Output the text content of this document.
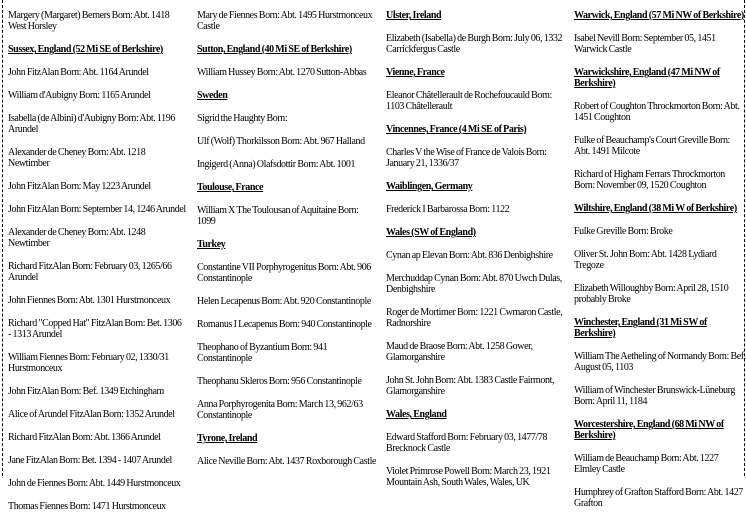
Margery (Margaret) Berners Born: Abt. 1418 West Horsley
Sussex, England (52 Mi SE of Berkshire)
John FitzAlan Born: Abt. 1164 Arundel
William d'Aubigny Born: 1165 Arundel
Isabella (de Albini) d'Aubigny Born: Abt. 1196 Arundel
Alexander de Cheney Born: Abt. 1218 Newtimber
John FitzAlan Born: May 1223 Arundel
John FitzAlan Born: September 14, 1246 Arundel
Alexander de Cheney Born: Abt. 1248 Newtimber
Richard FitzAlan Born: February 03, 1265/66 Arundel
John Fiennes Born: Abt. 1301 Hurstmonceux
Richard "Copped Hat" FitzAlan Born: Bet. 1306 - 1313 Arundel
William Fiennes Born: February 02, 1330/31 Hurstmonceux
John FitzAlan Born: Bef. 1349 Etchingham
Alice of Arundel FitzAlan Born: 1352 Arundel
Richard FitzAlan Born: Abt. 1366 Arundel
Jane FitzAlan Born: Bet. 1394 - 1407 Arundel
John de Fiennes Born: Abt. 1449 Hurstmonceux
Thomas Fiennes Born: 1471 Hurstmonceux
Mary de Fiennes Born: Abt. 1495 Hurstmonceux Castle
Sutton, England (40 Mi SE of Berkshire)
William Hussey Born: Abt. 1270 Sutton-Abbas
Sweden
Sigrid the Haughty Born:
Ulf (Wolf) Thorkilsson Born: Abt. 967 Halland
Ingigerd (Anna) Olafsdottir Born: Abt. 1001
Toulouse, France
William X The Toulousan of Aquitaine Born: 1099
Turkey
Constantine VII Porphyrogenitus Born: Abt. 906 Constantinople
Helen Lecapenus Born: Abt. 920 Constantinople
Romanus I Lecapenus Born: 940 Constantinople
Theophano of Byzantium Born: 941 Constantinople
Theophanu Skleros Born: 956 Constantinople
Anna Porphyrogenita Born: March 13, 962/63 Constantinople
Tyrone, Ireland
Alice Neville Born: Abt. 1437 Roxborough Castle
Ulster, Ireland
Elizabeth (Isabella) de Burgh Born: July 06, 1332 Carrickfergus Castle
Vienne, France
Eleanor Châtellerault de Rochefoucauld Born: 1103 Châtellerault
Vincennes, France (4 Mi SE of Paris)
Charles V the Wise of France de Valois Born: January 21, 1336/37
Waiblingen, Germany
Frederick I Barbarossa Born: 1122
Wales (SW of England)
Cynan ap Elevan Born: Abt. 836 Denbighshire
Merchuddap Cynan Born: Abt. 870 Uwch Dulas, Denbighshire
Roger de Mortimer Born: 1221 Cwmaron Castle, Radnorshire
Maud de Braose Born: Abt. 1258 Gower, Glamorganshire
John St. John Born: Abt. 1383 Castle Fairmont, Glamorganshire
Wales, England
Edward Stafford Born: February 03, 1477/78 Brecknock Castle
Violet Primrose Powell Born: March 23, 1921 Mountain Ash, South Wales, Wales, UK
Warwick, England (57 Mi NW of Berkshire)
Isabel Nevill Born: September 05, 1451 Warwick Castle
Warwickshire, England (47 Mi NW of Berkshire)
Robert of Coughton Throckmorton Born: Abt. 1451 Coughton
Fulke of Beauchamp's Court Greville Born: Abt. 1491 Milcote
Richard of Higham Ferrars Throckmorton Born: November 09, 1520 Coughton
Wiltshire, England (38 Mi W of Berkshire)
Fulke Greville Born: Broke
Oliver St. John Born: Abt. 1428 Lydiard Tregoze
Elizabeth Willoughby Born: April 28, 1510 probably Broke
Winchester, England (31 Mi SW of Berkshire)
William The Aetheling of Normandy Born: Bef. August 05, 1103
William of Winchester Brunswick-Lüneburg Born: April 11, 1184
Worcestershire, England (68 Mi NW of Berkshire)
William de Beauchamp Born: Abt. 1227 Elmley Castle
Humphrey of Grafton Stafford Born: Abt. 1427 Grafton
